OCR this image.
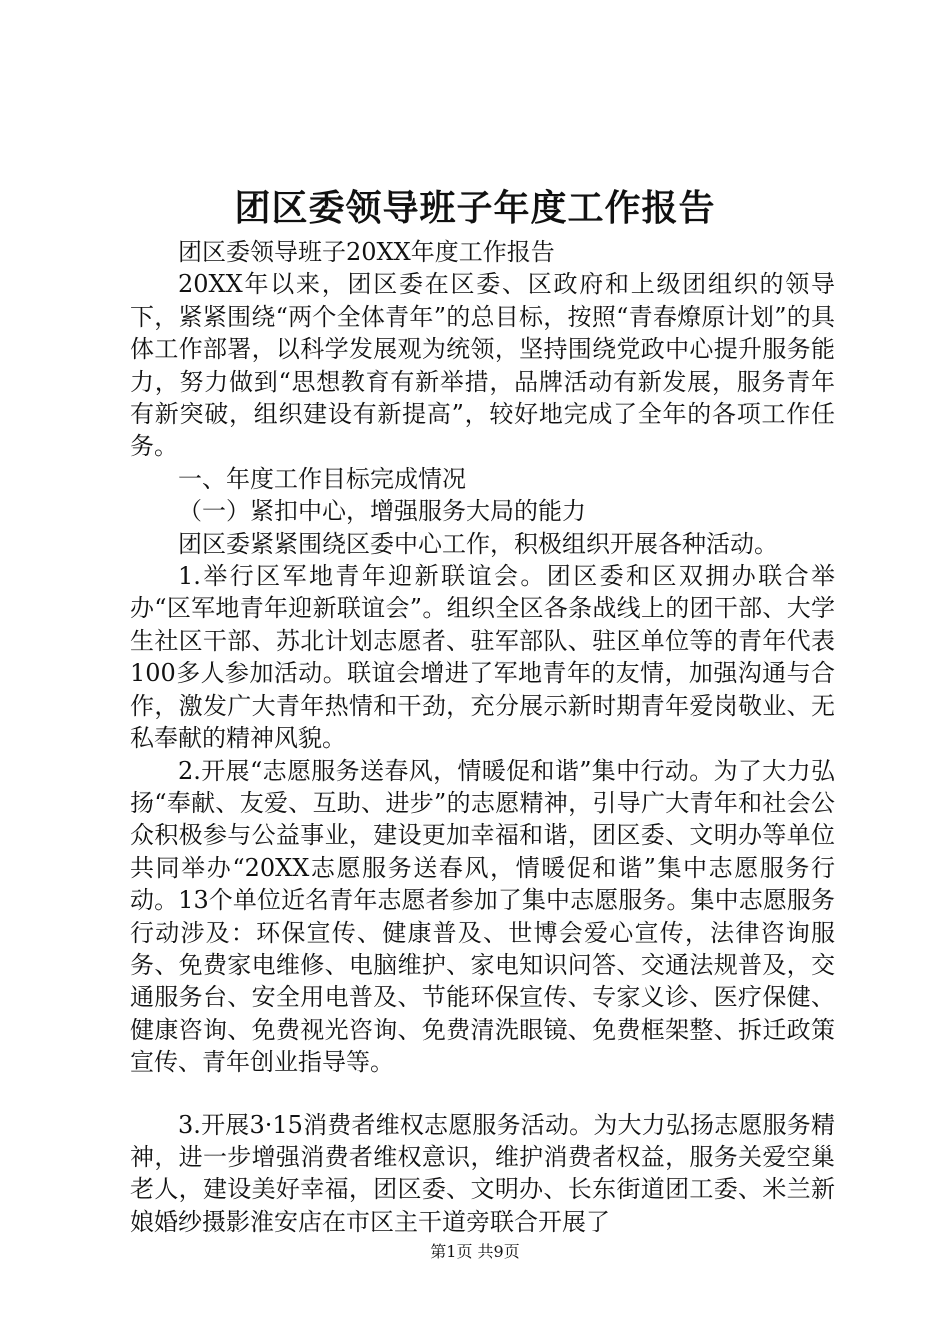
团区委领导班子年度工作报告

团区委领导班子20XX年度工作报告

20XX年以来，团区委在区委、区政府和上级团组织的领导下，紧紧围绕“两个全体青年”的总目标，按照“青春燎原计划”的具体工作部署，以科学发展观为统领，坚持围绕党政中心提升服务能力，努力做到“思想教育有新举措，品牌活动有新发展，服务青年有新突破，组织建设有新提高”，较好地完成了全年的各项工作任务。

一、年度工作目标完成情况

（一）紧扣中心，增强服务大局的能力

团区委紧紧围绕区委中心工作，积极组织开展各种活动。

1.举行区军地青年迎新联谊会。团区委和区双拥办联合举办“区军地青年迎新联谊会”。组织全区各条战线上的团干部、大学生社区干部、苏北计划志愿者、驻军部队、驻区单位等的青年代表100多人参加活动。联谊会增进了军地青年的友情，加强沟通与合作，激发广大青年热情和干劲，充分展示新时期青年爱岗敬业、无私奉献的精神风貌。

2.开展“志愿服务送春风，情暖促和谐”集中行动。为了大力弘扬“奉献、友爱、互助、进步”的志愿精神，引导广大青年和社会公众积极参与公益事业，建设更加幸福和谐，团区委、文明办等单位共同举办“20XX志愿服务送春风，情暖促和谐”集中志愿服务行动。13个单位近名青年志愿者参加了集中志愿服务。集中志愿服务行动涉及：环保宣传、健康普及、世博会爱心宣传，法律咨询服务、免费家电维修、电脑维护、家电知识问答、交通法规普及，交通服务台、安全用电普及、节能环保宣传、专家义诊、医疗保健、健康咨询、免费视光咨询、免费清洗眼镜、免费框架整、拆迁政策宣传、青年创业指导等。

3.开展3·15消费者维权志愿服务活动。为大力弘扬志愿服务精神，进一步增强消费者维权意识，维护消费者权益，服务关爱空巢老人，建设美好幸福，团区委、文明办、长东街道团工委、米兰新娘婚纱摄影淮安店在市区主干道旁联合开展了

第1页 共9页
